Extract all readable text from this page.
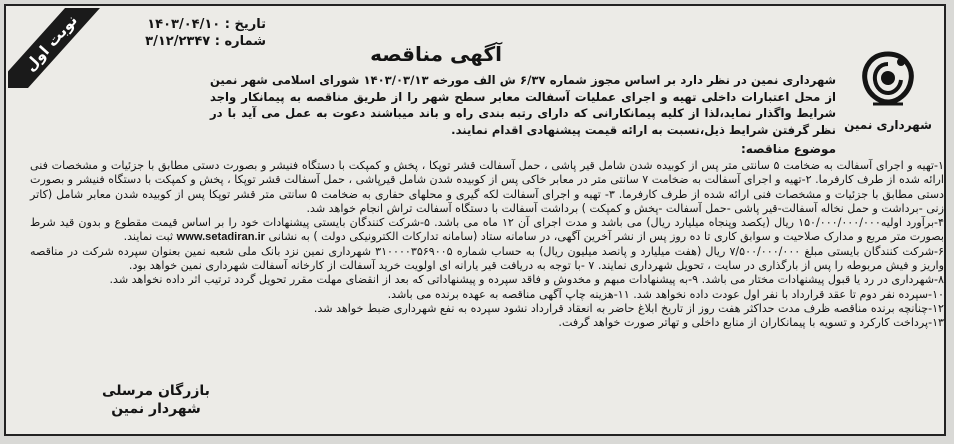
نوبت اول	تاریخ : ۱۴۰۳/۰۴/۱۰
شماره : ۳/۱۲/۲۳۴۷
آگهی مناقصه
شهرداری نمین
شهرداری نمین در نظر دارد بر اساس مجوز شماره ۶/۳۷ ش الف مورخه ۱۴۰۳/۰۳/۱۳ شورای اسلامی شهر نمین از محل اعتبارات داخلی تهیه و اجرای عملیات آسفالت معابر سطح شهر را از طریق مناقصه به پیمانکار واجد شرایط واگذار نماید،لذا از کلیه پیمانکارانی که دارای رتبه بندی راه و باند میباشند دعوت به عمل می آید با در نظر گرفتن شرایط ذیل،نسبت به ارائه قیمت پیشنهادی اقدام نمایند.
موضوع مناقصه:

۱-تهیه و اجرای آسفالت به ضخامت ۵ سانتی متر پس از کوبیده شدن شامل قیر پاشی ، حمل آسفالت قشر توپکا ، پخش و کمپکت با دستگاه فنیشر و بصورت دستی مطابق با جزئیات و مشخصات فنی ارائه شده از طرف کارفرما. ۲-تهیه و اجرای آسفالت به ضخامت ۷ سانتی متر در معابر خاکی پس از کوبیده شدن شامل قیرپاشی ، حمل آسفالت قشر توپکا ، پخش و کمپکت با دستگاه فنیشر و بصورت دستی مطابق با جزئیات و مشخصات فنی ارائه شده از طرف کارفرما. ۳- تهیه و اجرای آسفالت لکه گیری و محلهای حفاری به ضخامت ۵ سانتی متر قشر توپکا پس از کوبیده شدن معابر شامل (کاتر زنی -برداشت و حمل نخاله آسفالت-قیر پاشی -حمل آسفالت -پخش و کمپکت ) برداشت آسفالت با دستگاه آسفالت تراش انجام خواهد شد.

۴-برآورد اولیه۱۵۰/۰۰۰/۰۰۰/۰۰۰ ریال (یکصد وپنجاه میلیارد ریال) می باشد و مدت اجرای آن ۱۲ ماه می باشد. ۵-شرکت کنندگان بایستی پیشنهادات خود را بر اساس قیمت مقطوع و بدون قید شرط بصورت متر مربع و مدارک صلاحیت و سوابق کاری تا ده روز پس از نشر آخرین آگهی، در سامانه ستاد (سامانه تدارکات الکترونیکی دولت ) به نشانی www.setadiran.ir ثبت نمایند.

۶-شرکت کنندگان بایستی مبلغ ۷/۵۰۰/۰۰۰/۰۰۰ ریال (هفت میلیارد و پانصد میلیون ریال) به حساب شماره ۳۱۰۰۰۰۳۵۶۹۰۰۵ شهرداری نمین نزد بانک ملی شعبه نمین بعنوان سپرده شرکت در مناقصه واریز و فیش مربوطه را پس از بارگذاری در سایت ، تحویل شهرداری نمایند. ۷ -با توجه به دریافت قیر یارانه ای اولویت خرید آسفالت از کارخانه آسفالت شهرداری نمین خواهد بود.

۸-شهرداری در رد یا قبول پیشنهادات مختار می باشد. ۹-به پیشنهادات مبهم و مخدوش و فاقد سپرده و پیشنهاداتی که بعد از انقضای مهلت مقرر تحویل گردد ترتیب اثر داده نخواهد شد.

۱۰-سپرده نفر دوم تا عقد قرارداد با نفر اول عودت داده نخواهد شد. ۱۱-هزینه چاپ آگهی مناقصه به عهده برنده می باشد.

۱۲-چنانچه برنده مناقصه ظرف مدت حداکثر هفت روز از تاریخ ابلاغ حاضر به انعقاد قرارداد نشود سپرده به نفع شهرداری ضبط خواهد شد.

۱۳-پرداخت کارکرد و تسویه با پیمانکاران از منابع داخلی و تهاتر صورت خواهد گرفت.

بازرگان مرسلی
شهردار نمین
